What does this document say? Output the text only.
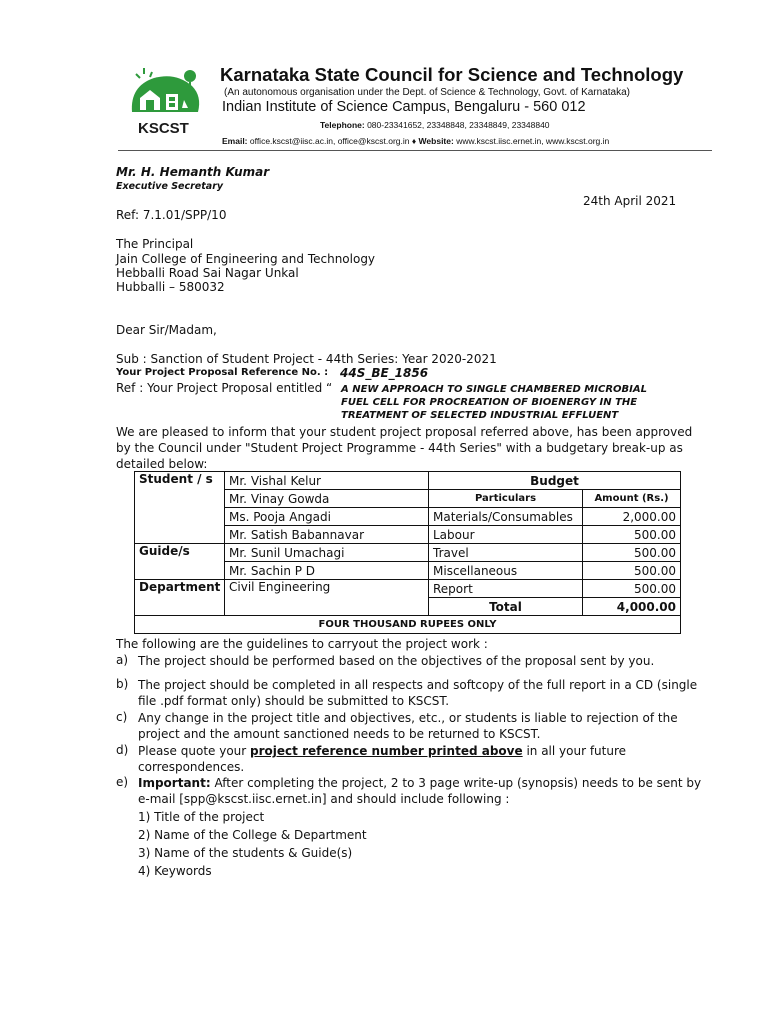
KSCST
Karnataka State Council for Science and Technology
(An autonomous organisation under the Dept. of Science & Technology, Govt. of Karnataka)
Indian Institute of Science Campus, Bengaluru - 560 012
Telephone: 080-23341652, 23348848, 23348849, 23348840
Email: office.kscst@iisc.ac.in, office@kscst.org.in ♦ Website: www.kscst.iisc.ernet.in, www.kscst.org.in
Mr. H. Hemanth Kumar
Executive Secretary
24th April 2021
Ref: 7.1.01/SPP/10
The Principal
Jain College of Engineering and Technology
Hebballi Road Sai Nagar Unkal
Hubballi – 580032
Dear Sir/Madam,
Sub : Sanction of Student Project - 44th Series: Year 2020-2021
Your Project Proposal Reference No. : 44S_BE_1856
Ref : Your Project Proposal entitled “ A NEW APPROACH TO SINGLE CHAMBERED MICROBIAL
FUEL CELL FOR PROCREATION OF BIOENERGY IN THE
TREATMENT OF SELECTED INDUSTRIAL EFFLUENT
We are pleased to inform that your student project proposal referred above, has been approved
by the Council under "Student Project Programme - 44th Series" with a budgetary break-up as
detailed below:
Student / s	Mr. Vishal Kelur	Budget	
	Mr. Vinay Gowda	Particulars	Amount (Rs.)
	Ms. Pooja Angadi	Materials/Consumables	2,000.00
	Mr. Satish Babannavar	Labour	500.00
Guide/s	Mr. Sunil Umachagi	Travel	500.00
	Mr. Sachin P D	Miscellaneous	500.00
Department	Civil Engineering	Report	500.00
		Total	4,000.00
FOUR THOUSAND RUPEES ONLY			
The following are the guidelines to carryout the project work :
a) The project should be performed based on the objectives of the proposal sent by you.
b) The project should be completed in all respects and softcopy of the full report in a CD (single
file .pdf format only) should be submitted to KSCST.
c) Any change in the project title and objectives, etc., or students is liable to rejection of the
project and the amount sanctioned needs to be returned to KSCST.
d) Please quote your project reference number printed above in all your future
correspondences.
e) Important: After completing the project, 2 to 3 page write-up (synopsis) needs to be sent by
e-mail [spp@kscst.iisc.ernet.in] and should include following :
1) Title of the project
2) Name of the College & Department
3) Name of the students & Guide(s)
4) Keywords
